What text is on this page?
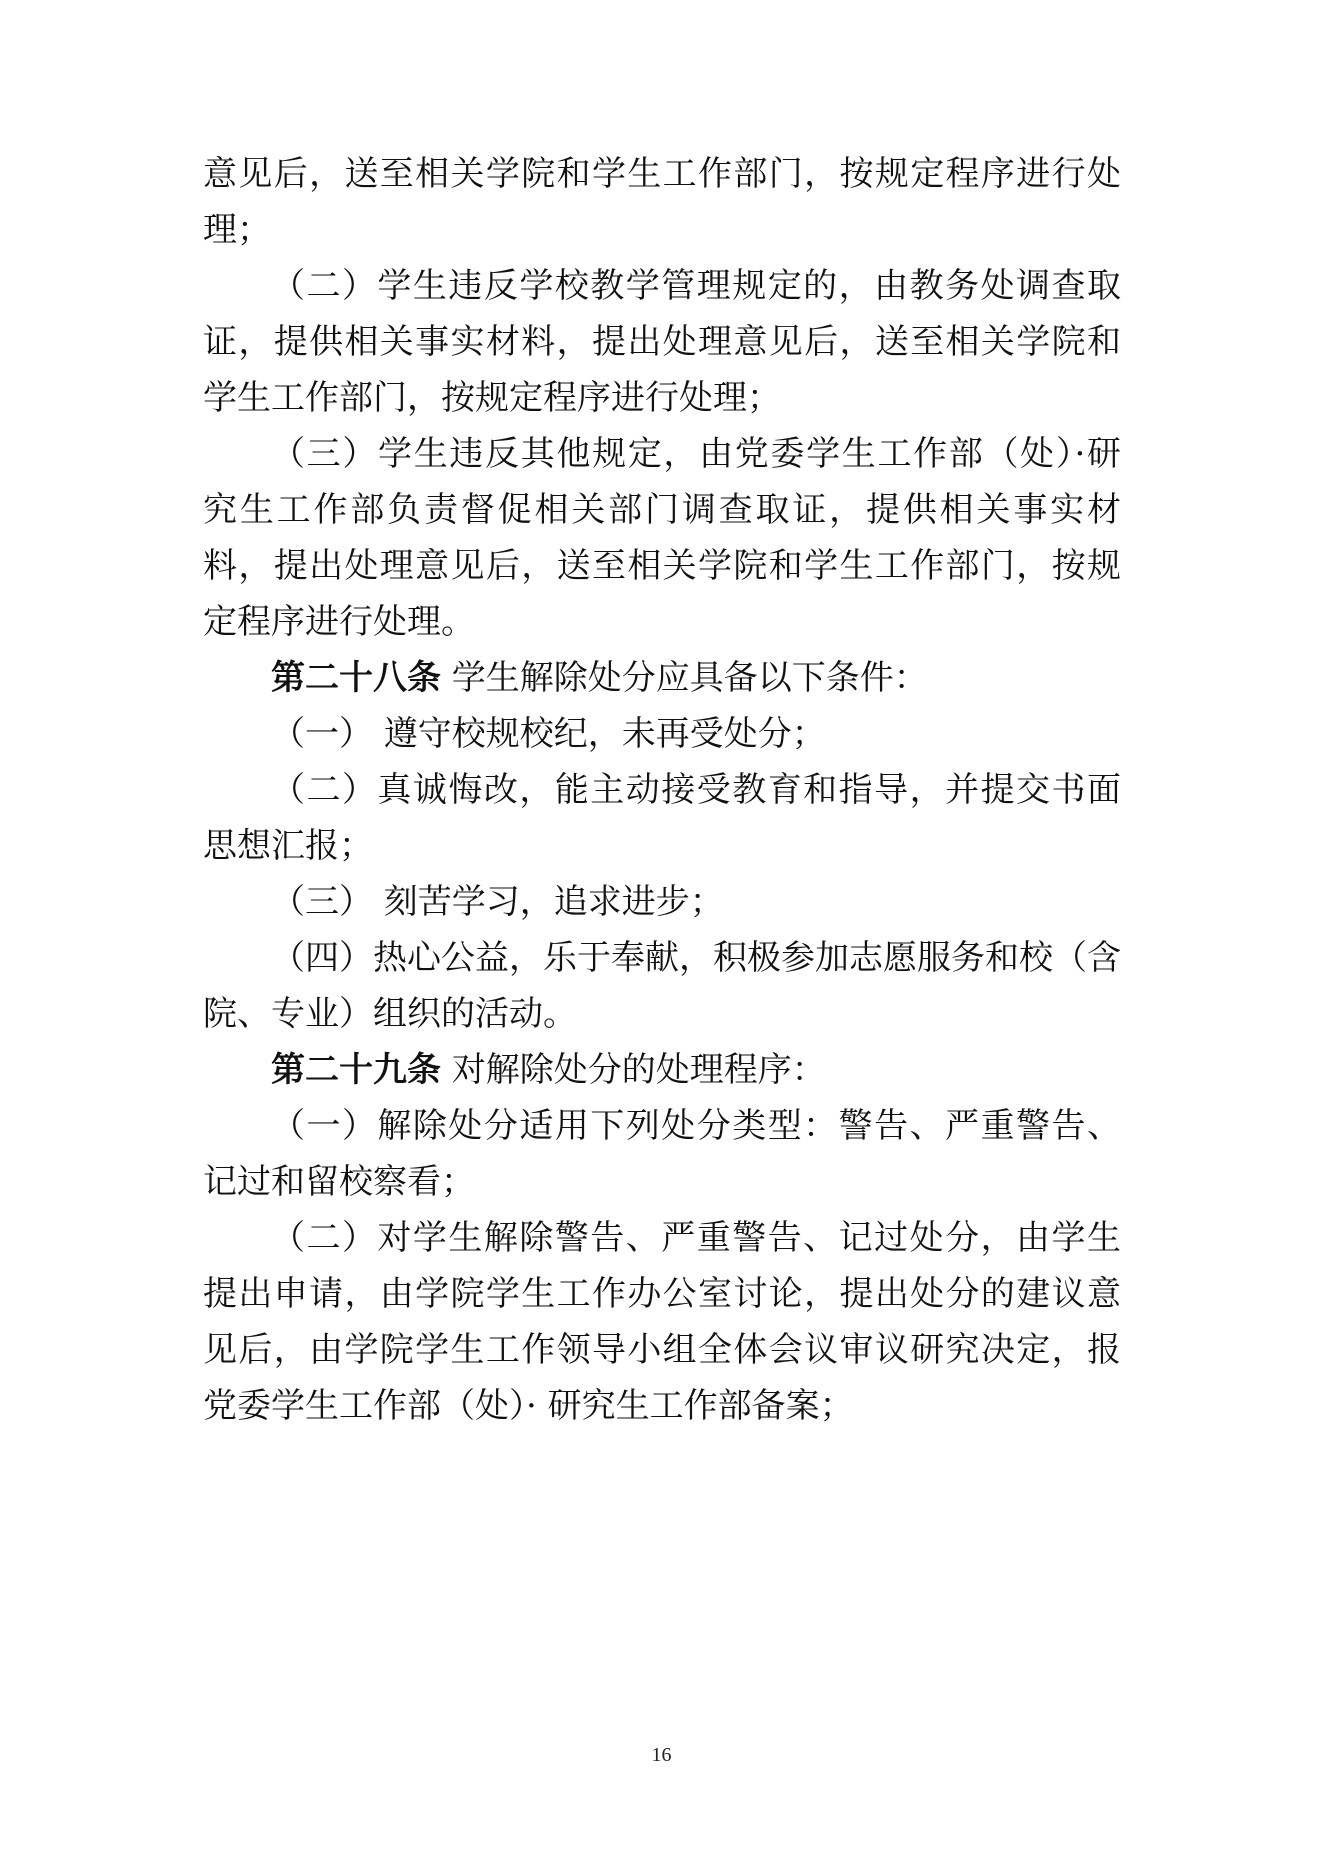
意见后，送至相关学院和学生工作部门，按规定程序进行处
理；
（二）学生违反学校教学管理规定的，由教务处调查取
证，提供相关事实材料，提出处理意见后，送至相关学院和
学生工作部门，按规定程序进行处理；
（三）学生违反其他规定，由党委学生工作部（处）·研
究生工作部负责督促相关部门调查取证，提供相关事实材
料，提出处理意见后，送至相关学院和学生工作部门，按规
定程序进行处理。
第二十八条 学生解除处分应具备以下条件：
（一） 遵守校规校纪，未再受处分；
（二）真诚悔改，能主动接受教育和指导，并提交书面
思想汇报；
（三） 刻苦学习，追求进步；
（四）热心公益，乐于奉献，积极参加志愿服务和校（含
院、专业）组织的活动。
第二十九条 对解除处分的处理程序：
（一）解除处分适用下列处分类型：警告、严重警告、
记过和留校察看；
（二）对学生解除警告、严重警告、记过处分，由学生
提出申请，由学院学生工作办公室讨论，提出处分的建议意
见后，由学院学生工作领导小组全体会议审议研究决定，报
党委学生工作部（处）· 研究生工作部备案；
16
